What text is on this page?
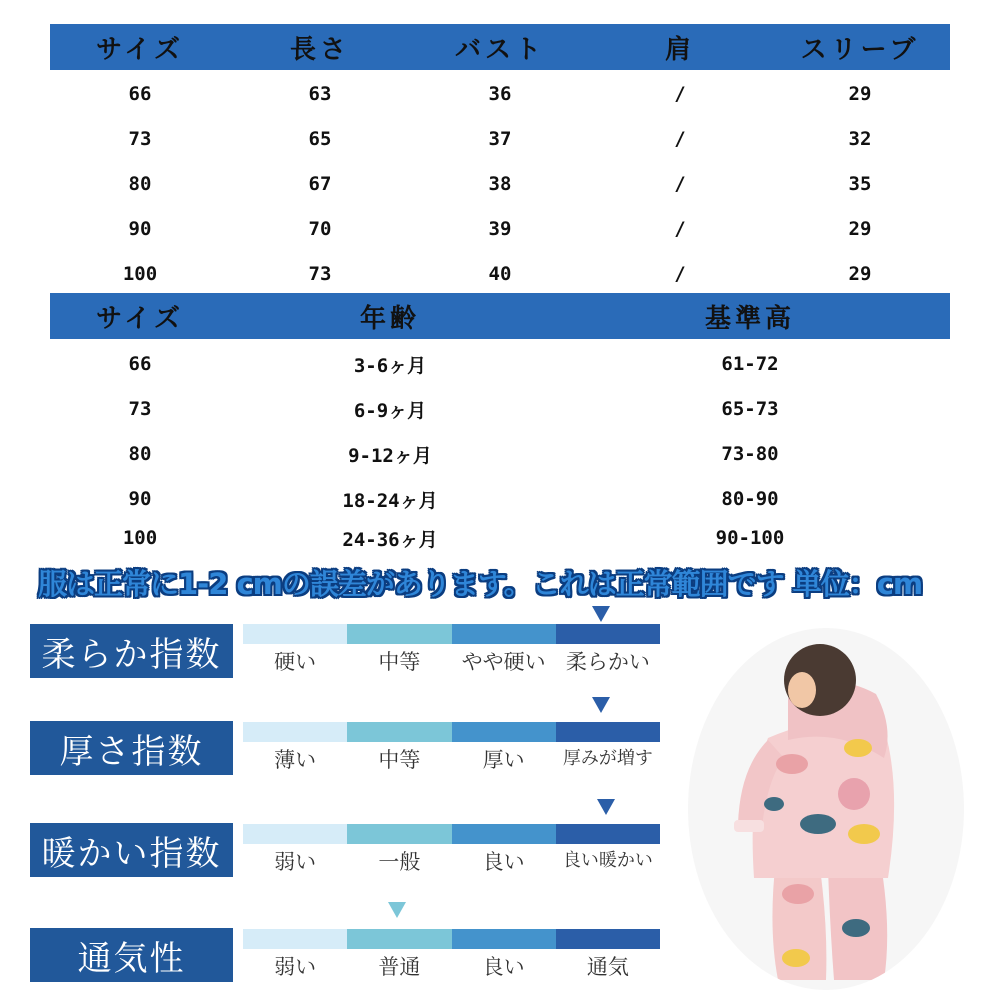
サイズ	長さ	バスト	肩	スリーブ
66	63	36	/	29
73	65	37	/	32
80	67	38	/	35
90	70	39	/	29
100	73	40	/	29
サイズ	年齢	基準高
66	3-6ヶ月	61-72
73	6-9ヶ月	65-73
80	9-12ヶ月	73-80
90	18-24ヶ月	80-90
100	24-36ヶ月	90-100
服は正常に1-2 cmの誤差があります。これは正常範囲です 単位：cm
柔らか指数	硬い	中等	やや硬い 柔らかい
厚さ指数	薄い	中等	厚い	厚みが増す
暖かい指数	弱い	一般	良い	良い暖かい
通気性	弱い	普通	良い	通気
